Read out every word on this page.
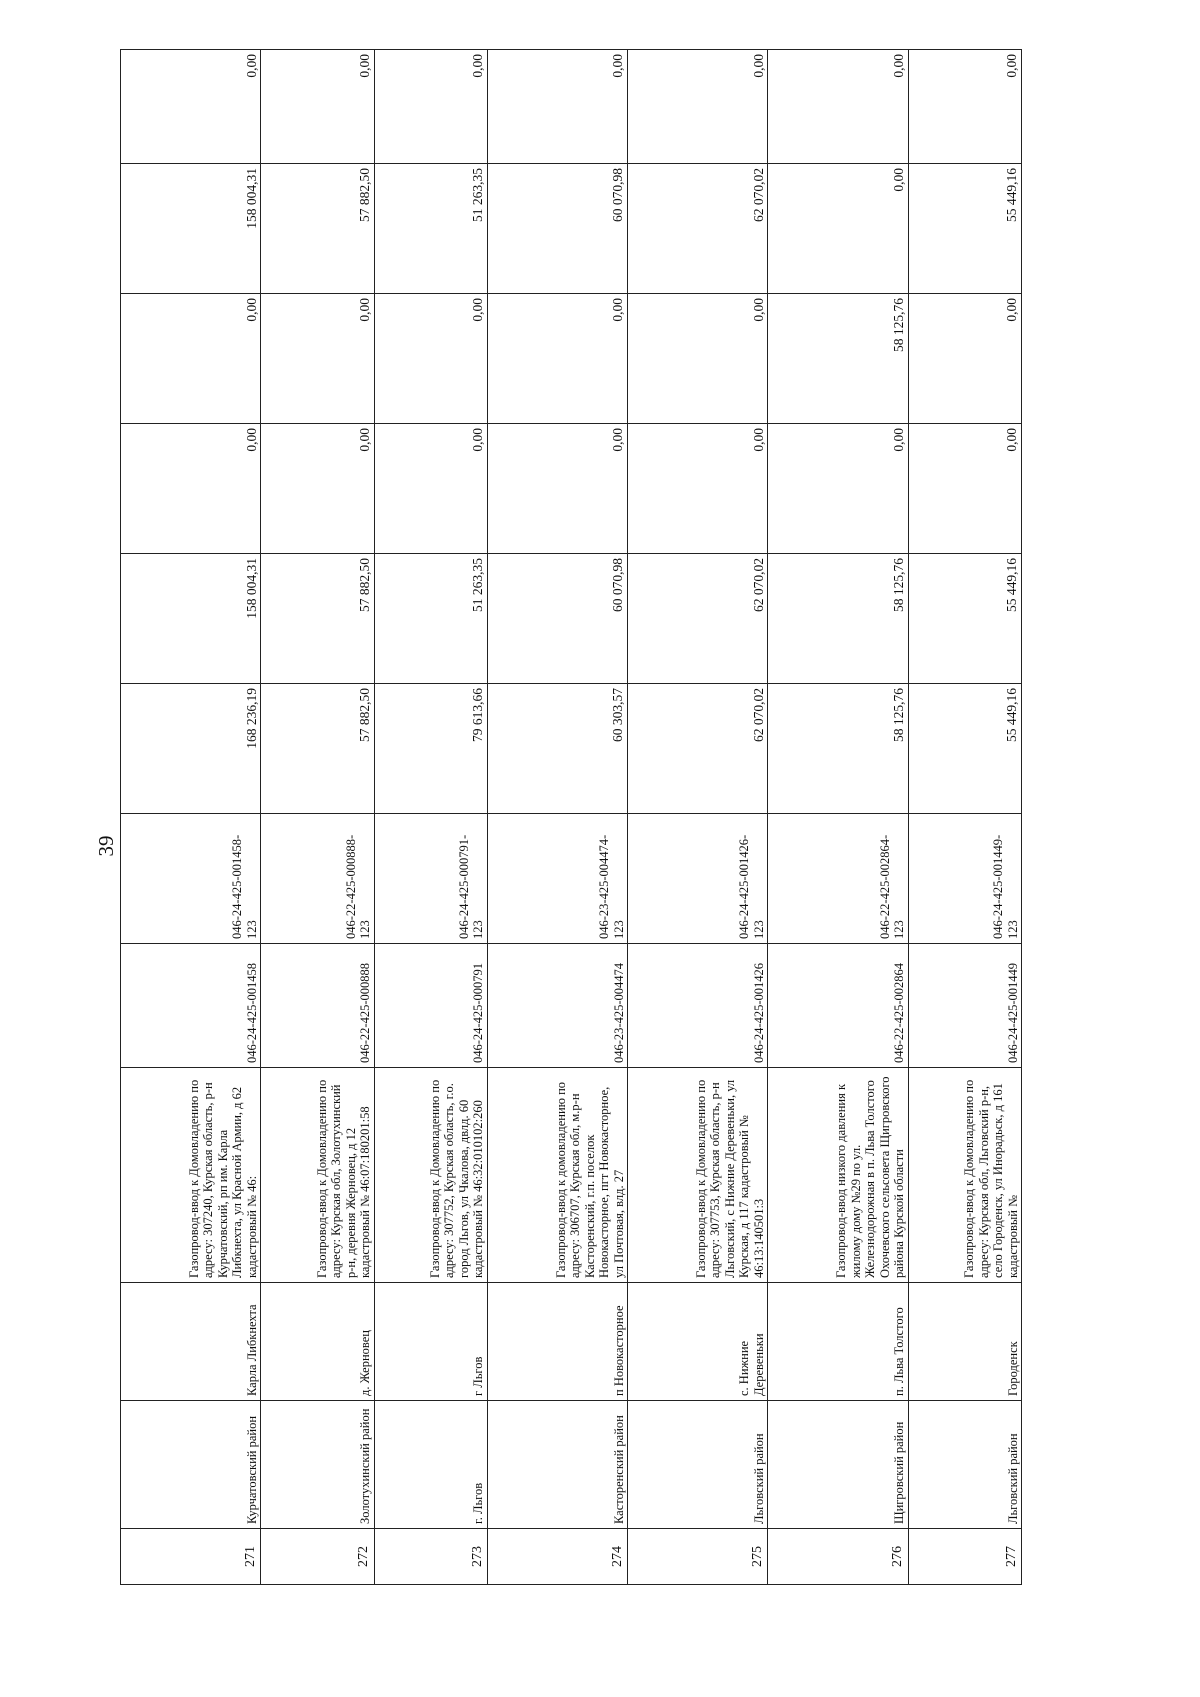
39
271	Курчатовский район	Карла Либкнехта	Газопровод-ввод к Домовладению по адресу: 307240, Курская область, р-н Курчатовский, рп им. Карла Либкнехта, ул Красной Армии, д 62 кадастровый № 46:	046-24-425-001458	046-24-425-001458-123	168 236,19	158 004,31	0,00	0,00	158 004,31	0,00
272	Золотухинский район	д. Жерновец	Газопровод-ввод к Домовладению по адресу: Курская обл, Золотухинский р-н, деревня Жерновец, д 12 кадастровый № 46:07:180201:58	046-22-425-000888	046-22-425-000888-123	57 882,50	57 882,50	0,00	0,00	57 882,50	0,00
273	г. Льгов	г Льгов	Газопровод-ввод к Домовладению по адресу: 307752, Курская область, г.о. город Льгов, ул Чкалова, двлд. 60 кадастровый № 46:32:010102:260	046-24-425-000791	046-24-425-000791-123	79 613,66	51 263,35	0,00	0,00	51 263,35	0,00
274	Касторенский район	п Новокасторное	Газопровод-ввод к домовладению по адресу: 306707, Курская обл, м.р-н Касторенский, г.п. поселок Новокасторное, пгт Новокасторное, ул Почтовая, влд. 27	046-23-425-004474	046-23-425-004474-123	60 303,57	60 070,98	0,00	0,00	60 070,98	0,00
275	Льговский район	с. Нижние Деревеньки	Газопровод-ввод к Домовладению по адресу: 307753, Курская область, р-н Льговский, с Нижние Деревеньки, ул Курская, д 117 кадастровый № 46:13:140501:3	046-24-425-001426	046-24-425-001426-123	62 070,02	62 070,02	0,00	0,00	62 070,02	0,00
276	Щигровский район	п. Льва Толстого	Газопровод-ввод низкого давления к жилому дому №29 по ул. Железнодорожная в п. Льва Толстого Охочевского сельсовета Щигровского района Курской области	046-22-425-002864	046-22-425-002864-123	58 125,76	58 125,76	0,00	58 125,76	0,00	0,00
277	Льговский район	Городенск	Газопровод-ввод к Домовладению по адресу: Курская обл, Льговский р-н, село Городенск, ул Инорадьск, д 161 кадастровый №	046-24-425-001449	046-24-425-001449-123	55 449,16	55 449,16	0,00	0,00	55 449,16	0,00
